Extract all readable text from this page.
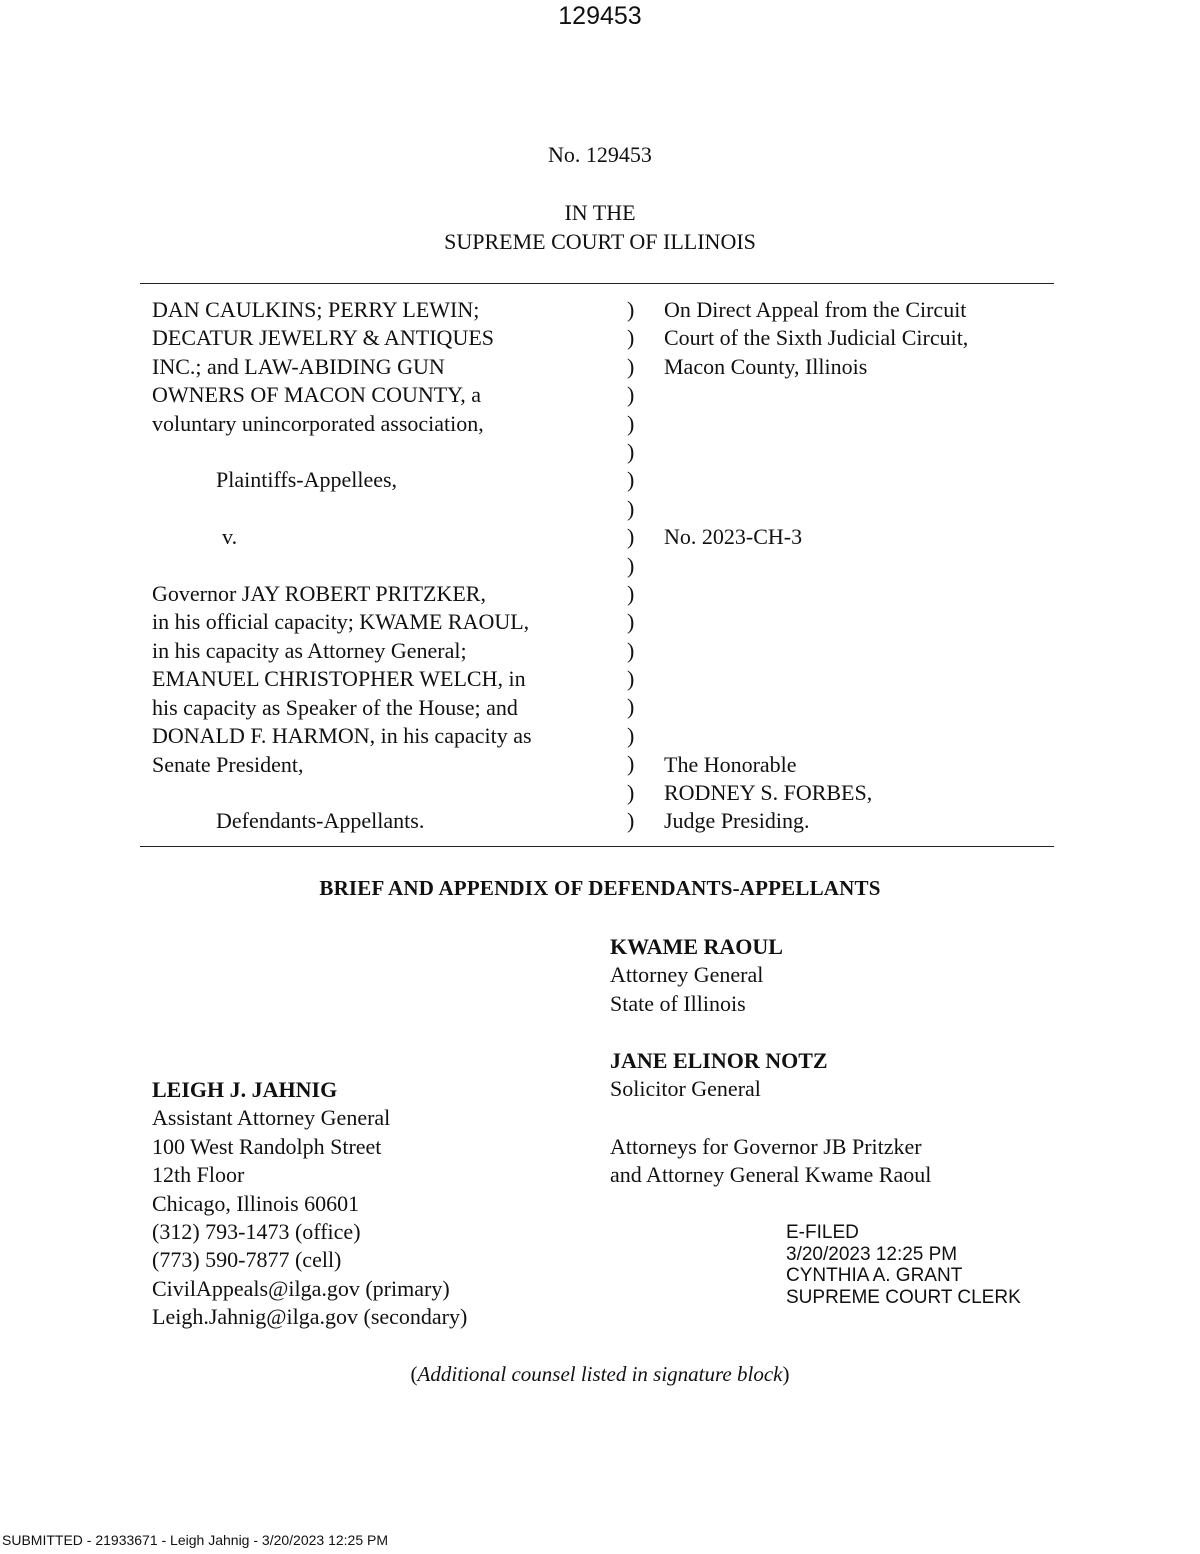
129453
No. 129453
IN THE
SUPREME COURT OF ILLINOIS
DAN CAULKINS; PERRY LEWIN;
DECATUR JEWELRY & ANTIQUES
INC.; and LAW-ABIDING GUN
OWNERS OF MACON COUNTY, a
voluntary unincorporated association,

Plaintiffs-Appellees,

v.

Governor JAY ROBERT PRITZKER,
in his official capacity; KWAME RAOUL,
in his capacity as Attorney General;
EMANUEL CHRISTOPHER WELCH, in
his capacity as Speaker of the House; and
DONALD F. HARMON, in his capacity as
Senate President,

Defendants-Appellants.
)
)
)
)
)
)
)
)
)
)
)
)
)
)
)
)
)
)
)
On Direct Appeal from the Circuit
Court of the Sixth Judicial Circuit,
Macon County, Illinois

No. 2023-CH-3

The Honorable
RODNEY S. FORBES,
Judge Presiding.
BRIEF AND APPENDIX OF DEFENDANTS-APPELLANTS
KWAME RAOUL
Attorney General
State of Illinois
JANE ELINOR NOTZ
Solicitor General
Attorneys for Governor JB Pritzker
and Attorney General Kwame Raoul
LEIGH J. JAHNIG
Assistant Attorney General
100 West Randolph Street
12th Floor
Chicago, Illinois 60601
(312) 793-1473 (office)
(773) 590-7877 (cell)
CivilAppeals@ilga.gov (primary)
Leigh.Jahnig@ilga.gov (secondary)
E-FILED
3/20/2023 12:25 PM
CYNTHIA A. GRANT
SUPREME COURT CLERK
(Additional counsel listed in signature block)
SUBMITTED - 21933671 - Leigh Jahnig - 3/20/2023 12:25 PM
